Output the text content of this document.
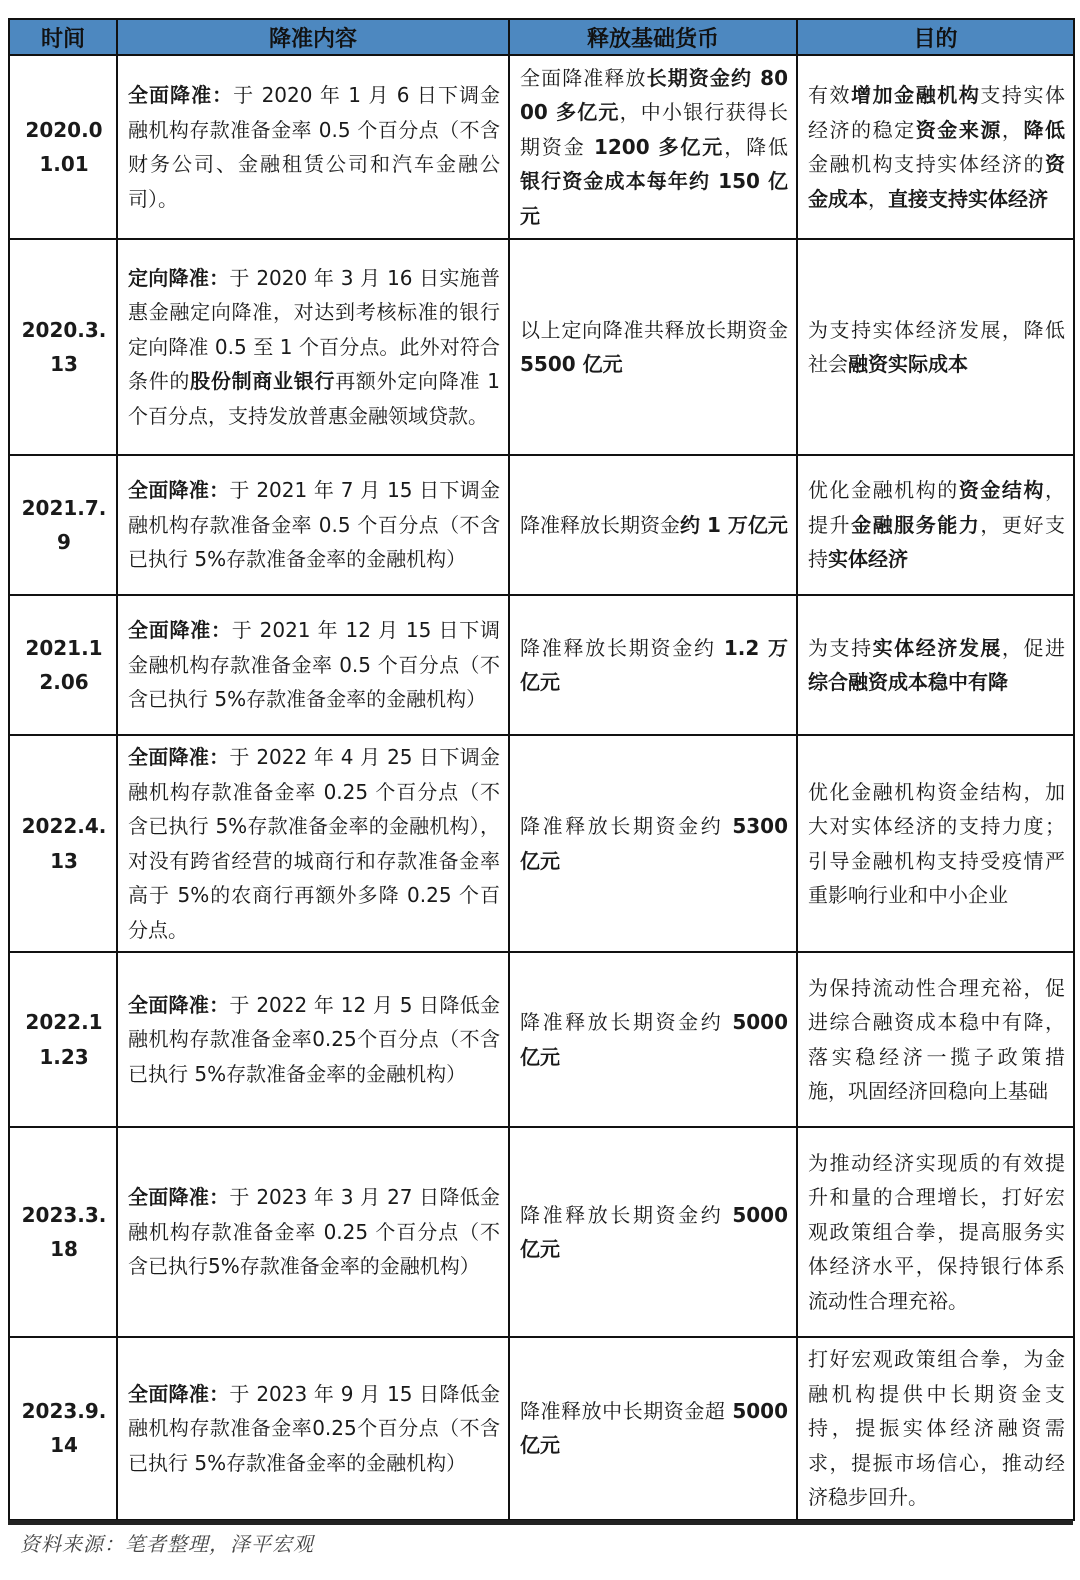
时间	降准内容	释放基础货币	目的
2020.01.01	全面降准：于 2020 年 1 月 6 日下调金融机构存款准备金率 0.5 个百分点（不含财务公司、金融租赁公司和汽车金融公司）。	全面降准释放长期资金约 8000 多亿元，中小银行获得长期资金 1200 多亿元，降低银行资金成本每年约 150 亿元	有效增加金融机构支持实体经济的稳定资金来源，降低金融机构支持实体经济的资金成本，直接支持实体经济
2020.3.13	定向降准：于 2020 年 3 月 16 日实施普惠金融定向降准，对达到考核标准的银行定向降准 0.5 至 1 个百分点。此外对符合条件的股份制商业银行再额外定向降准 1 个百分点，支持发放普惠金融领域贷款。	以上定向降准共释放长期资金 5500 亿元	为支持实体经济发展，降低社会融资实际成本
2021.7.9	全面降准：于 2021 年 7 月 15 日下调金融机构存款准备金率 0.5 个百分点（不含已执行 5%存款准备金率的金融机构）	降准释放长期资金约 1 万亿元	优化金融机构的资金结构，提升金融服务能力，更好支持实体经济
2021.12.06	全面降准：于 2021 年 12 月 15 日下调金融机构存款准备金率 0.5 个百分点（不含已执行 5%存款准备金率的金融机构）	降准释放长期资金约 1.2 万亿元	为支持实体经济发展，促进综合融资成本稳中有降
2022.4.13	全面降准：于 2022 年 4 月 25 日下调金融机构存款准备金率 0.25 个百分点（不含已执行 5%存款准备金率的金融机构），对没有跨省经营的城商行和存款准备金率高于 5%的农商行再额外多降 0.25 个百分点。	降准释放长期资金约 5300 亿元	优化金融机构资金结构，加大对实体经济的支持力度；引导金融机构支持受疫情严重影响行业和中小企业
2022.11.23	全面降准：于 2022 年 12 月 5 日降低金融机构存款准备金率0.25个百分点（不含已执行 5%存款准备金率的金融机构）	降准释放长期资金约 5000 亿元	为保持流动性合理充裕，促进综合融资成本稳中有降，落实稳经济一揽子政策措施，巩固经济回稳向上基础
2023.3.18	全面降准：于 2023 年 3 月 27 日降低金融机构存款准备金率 0.25 个百分点（不含已执行5%存款准备金率的金融机构）	降准释放长期资金约 5000 亿元	为推动经济实现质的有效提升和量的合理增长，打好宏观政策组合拳，提高服务实体经济水平，保持银行体系流动性合理充裕。
2023.9.14	全面降准：于 2023 年 9 月 15 日降低金融机构存款准备金率0.25个百分点（不含已执行 5%存款准备金率的金融机构）	降准释放中长期资金超 5000 亿元	打好宏观政策组合拳，为金融机构提供中长期资金支持，提振实体经济融资需求，提振市场信心，推动经济稳步回升。
资料来源：笔者整理，泽平宏观
